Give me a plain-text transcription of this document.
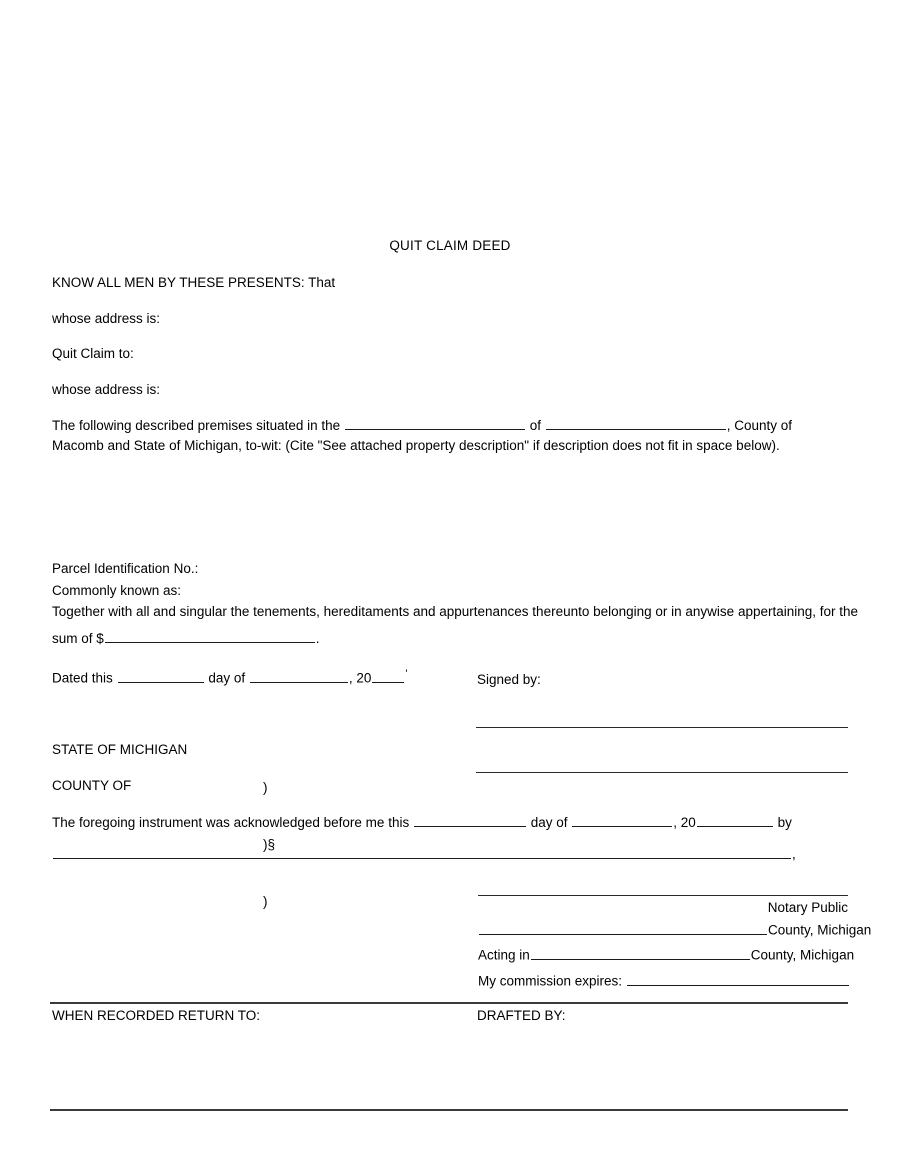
QUIT CLAIM DEED
KNOW ALL MEN BY THESE PRESENTS: That
whose address is:
Quit Claim to:
whose address is:
The following described premises situated in the	of	, County of
Macomb and State of Michigan, to-wit: (Cite "See attached property description" if description does not fit in space below).
Parcel Identification No.:
Commonly known as:
Together with all and singular the tenements, hereditaments and appurtenances thereunto belonging or in anywise appertaining, for the
sum of $	.
Dated this	day of	, 20	'	Signed by:
STATE OF MICHIGAN
COUNTY OF

	)

)§

)

The foregoing instrument was acknowledged before me this	day of	, 20	by
,
Notary Public
County, Michigan
Acting in	County, Michigan
My commission expires:
WHEN RECORDED RETURN TO:	DRAFTED BY:
